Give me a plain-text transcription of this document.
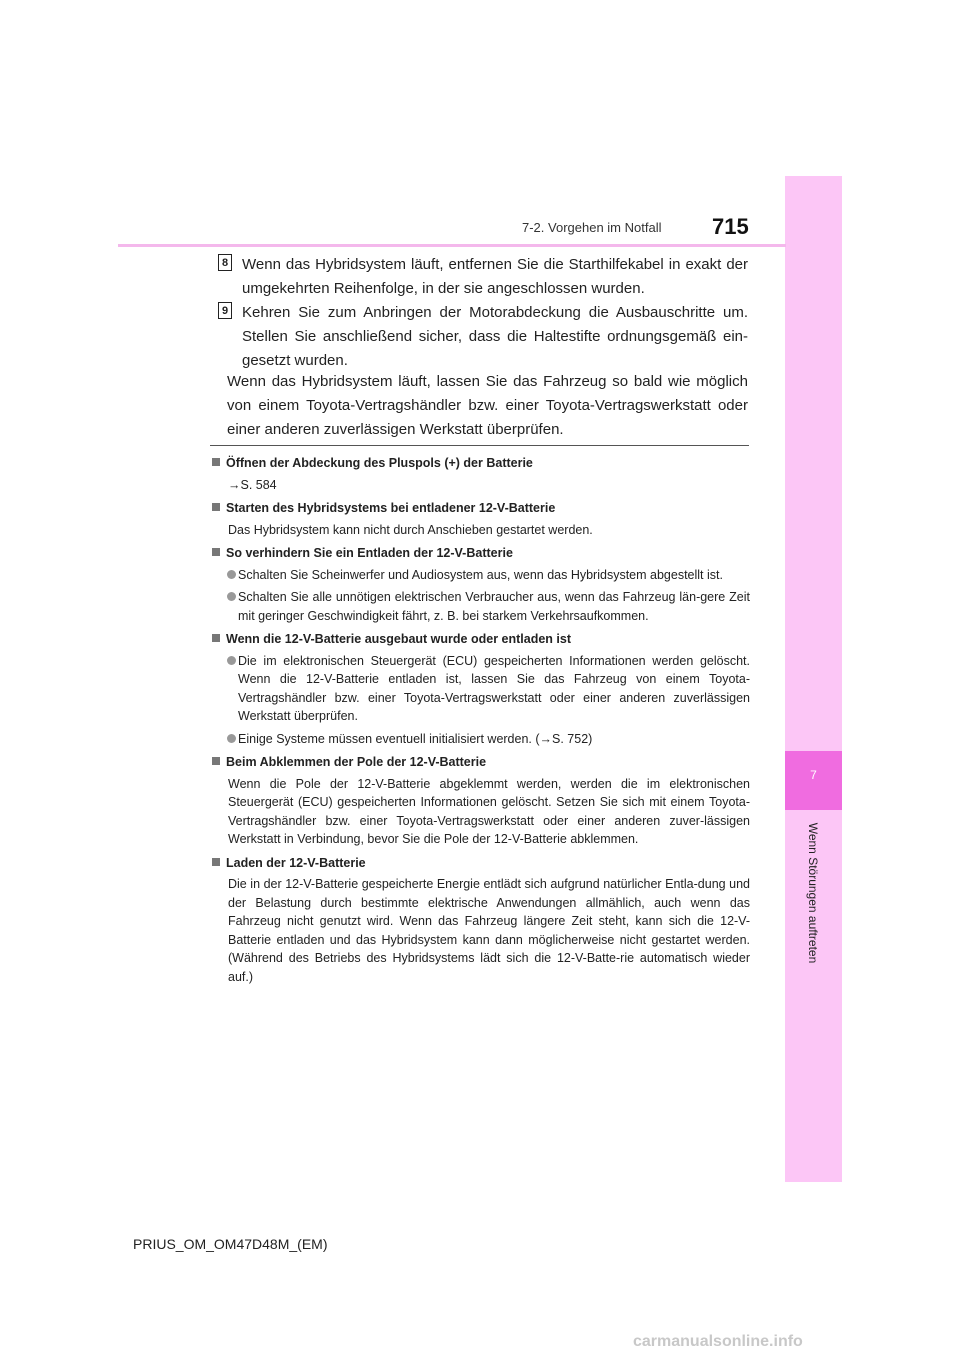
7
Wenn Störungen auftreten
7-2. Vorgehen im Notfall 715
8 Wenn das Hybridsystem läuft, entfernen Sie die Starthilfekabel in exakt der umgekehrten Reihenfolge, in der sie angeschlossen wurden.
9 Kehren Sie zum Anbringen der Motorabdeckung die Ausbauschritte um. Stellen Sie anschließend sicher, dass die Haltestifte ordnungsgemäß ein-gesetzt wurden.
Wenn das Hybridsystem läuft, lassen Sie das Fahrzeug so bald wie möglich von einem Toyota-Vertragshändler bzw. einer Toyota-Vertragswerkstatt oder einer anderen zuverlässigen Werkstatt überprüfen.
Öffnen der Abdeckung des Pluspols (+) der Batterie
→S. 584
Starten des Hybridsystems bei entladener 12-V-Batterie
Das Hybridsystem kann nicht durch Anschieben gestartet werden.
So verhindern Sie ein Entladen der 12-V-Batterie
Schalten Sie Scheinwerfer und Audiosystem aus, wenn das Hybridsystem abgestellt ist.
Schalten Sie alle unnötigen elektrischen Verbraucher aus, wenn das Fahrzeug län-gere Zeit mit geringer Geschwindigkeit fährt, z. B. bei starkem Verkehrsaufkommen.
Wenn die 12-V-Batterie ausgebaut wurde oder entladen ist
Die im elektronischen Steuergerät (ECU) gespeicherten Informationen werden gelöscht. Wenn die 12-V-Batterie entladen ist, lassen Sie das Fahrzeug von einem Toyota-Vertragshändler bzw. einer Toyota-Vertragswerkstatt oder einer anderen zuverlässigen Werkstatt überprüfen.
Einige Systeme müssen eventuell initialisiert werden. (→S. 752)
Beim Abklemmen der Pole der 12-V-Batterie
Wenn die Pole der 12-V-Batterie abgeklemmt werden, werden die im elektronischen Steuergerät (ECU) gespeicherten Informationen gelöscht. Setzen Sie sich mit einem Toyota-Vertragshändler bzw. einer Toyota-Vertragswerkstatt oder einer anderen zuver-lässigen Werkstatt in Verbindung, bevor Sie die Pole der 12-V-Batterie abklemmen.
Laden der 12-V-Batterie
Die in der 12-V-Batterie gespeicherte Energie entlädt sich aufgrund natürlicher Entla-dung und der Belastung durch bestimmte elektrische Anwendungen allmählich, auch wenn das Fahrzeug nicht genutzt wird. Wenn das Fahrzeug längere Zeit steht, kann sich die 12-V-Batterie entladen und das Hybridsystem kann dann möglicherweise nicht gestartet werden. (Während des Betriebs des Hybridsystems lädt sich die 12-V-Batte-rie automatisch wieder auf.)
PRIUS_OM_OM47D48M_(EM)
carmanualsonline.info
